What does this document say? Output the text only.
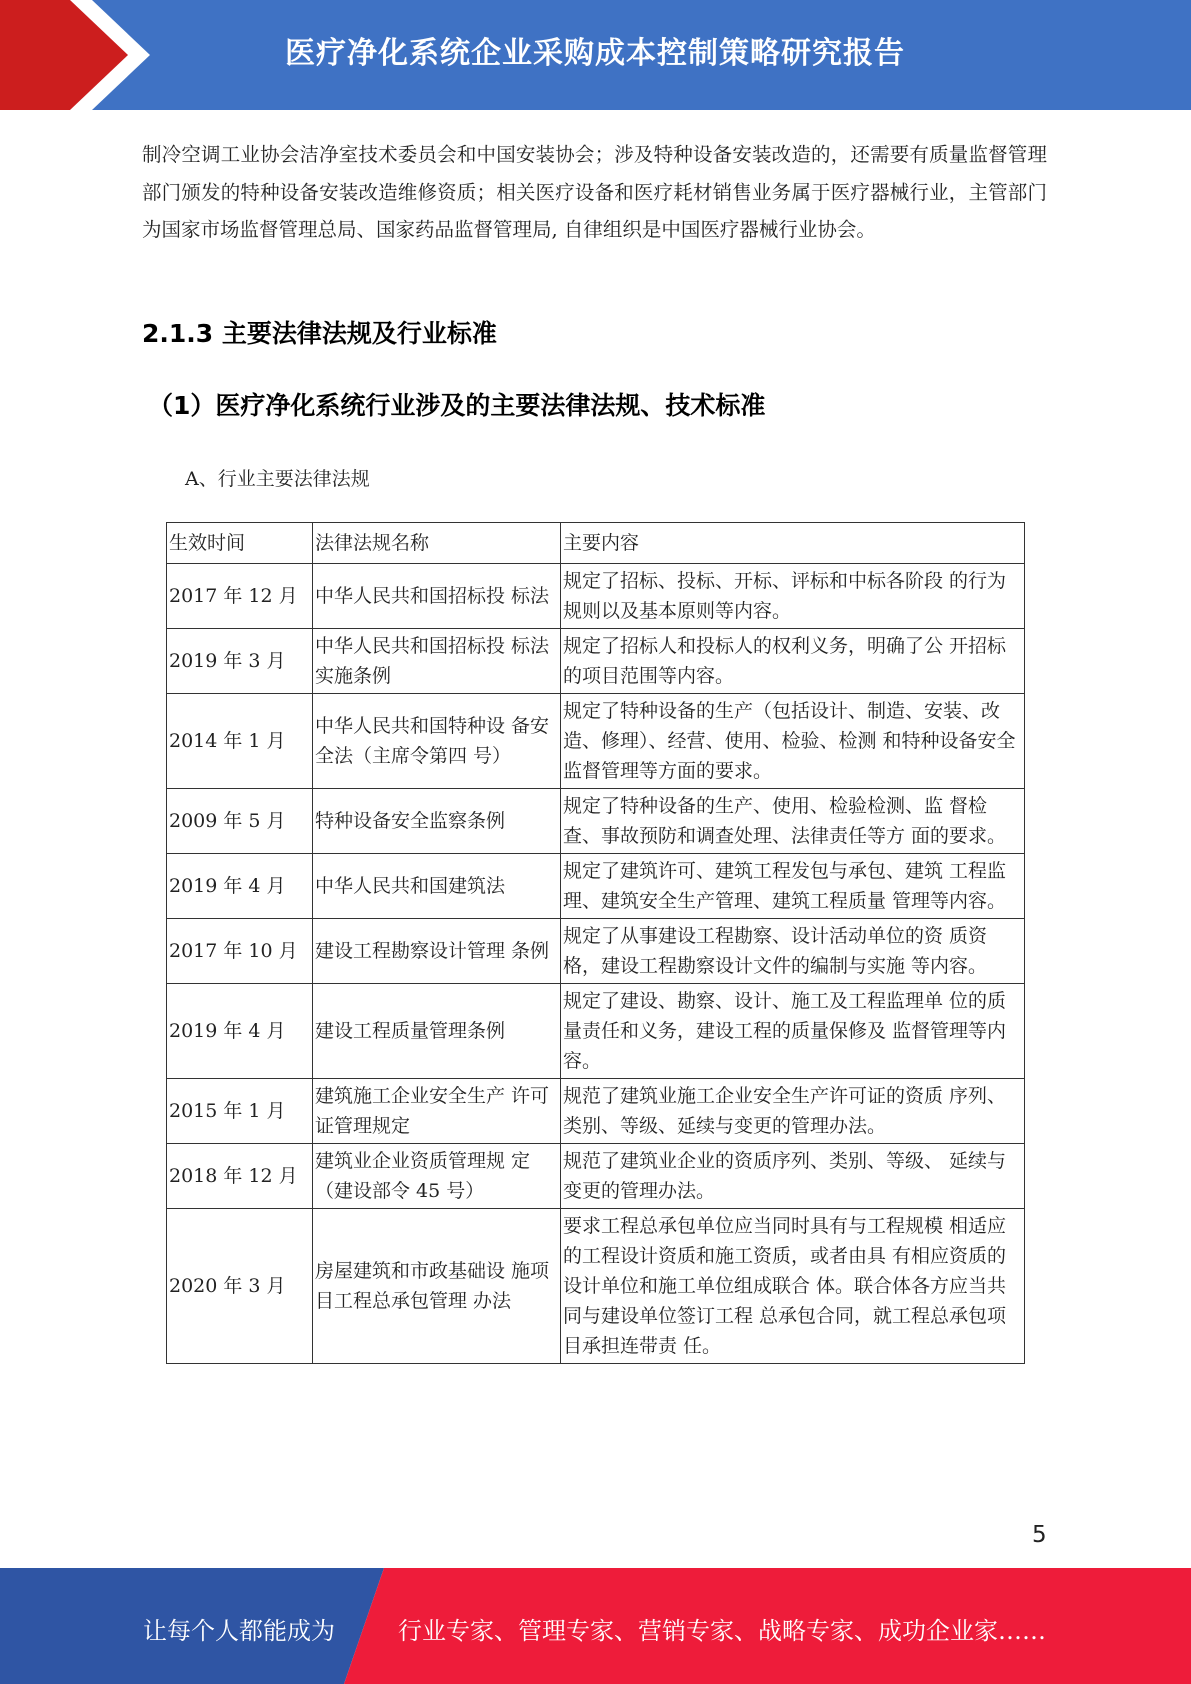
医疗净化系统企业采购成本控制策略研究报告
制冷空调工业协会洁净室技术委员会和中国安装协会；涉及特种设备安装改造的，还需要有质量监督管理部门颁发的特种设备安装改造维修资质；相关医疗设备和医疗耗材销售业务属于医疗器械行业，主管部门为国家市场监督管理总局、国家药品监督管理局, 自律组织是中国医疗器械行业协会。
2.1.3 主要法律法规及行业标准
（1）医疗净化系统行业涉及的主要法律法规、技术标准
A、行业主要法律法规
生效时间	法律法规名称	主要内容
2017 年 12 月	中华人民共和国招标投 标法	规定了招标、投标、开标、评标和中标各阶段 的行为规则以及基本原则等内容。
2019 年 3 月	中华人民共和国招标投 标法实施条例	规定了招标人和投标人的权利义务，明确了公 开招标的项目范围等内容。
2014 年 1 月	中华人民共和国特种设 备安全法（主席令第四 号）	规定了特种设备的生产（包括设计、制造、安装、改造、修理）、经营、使用、检验、检测 和特种设备安全监督管理等方面的要求。
2009 年 5 月	特种设备安全监察条例	规定了特种设备的生产、使用、检验检测、监 督检查、事故预防和调查处理、法律责任等方 面的要求。
2019 年 4 月	中华人民共和国建筑法	规定了建筑许可、建筑工程发包与承包、建筑 工程监理、建筑安全生产管理、建筑工程质量 管理等内容。
2017 年 10 月	建设工程勘察设计管理 条例	规定了从事建设工程勘察、设计活动单位的资 质资格，建设工程勘察设计文件的编制与实施 等内容。
2019 年 4 月	建设工程质量管理条例	规定了建设、勘察、设计、施工及工程监理单 位的质量责任和义务，建设工程的质量保修及 监督管理等内容。
2015 年 1 月	建筑施工企业安全生产 许可证管理规定	规范了建筑业施工企业安全生产许可证的资质 序列、类别、等级、延续与变更的管理办法。
2018 年 12 月	建筑业企业资质管理规 定（建设部令 45 号）	规范了建筑业企业的资质序列、类别、等级、 延续与变更的管理办法。
2020 年 3 月	房屋建筑和市政基础设 施项目工程总承包管理 办法	要求工程总承包单位应当同时具有与工程规模 相适应的工程设计资质和施工资质，或者由具 有相应资质的设计单位和施工单位组成联合 体。联合体各方应当共同与建设单位签订工程 总承包合同，就工程总承包项目承担连带责 任。
5
让每个人都能成为	行业专家、管理专家、营销专家、战略专家、成功企业家……
